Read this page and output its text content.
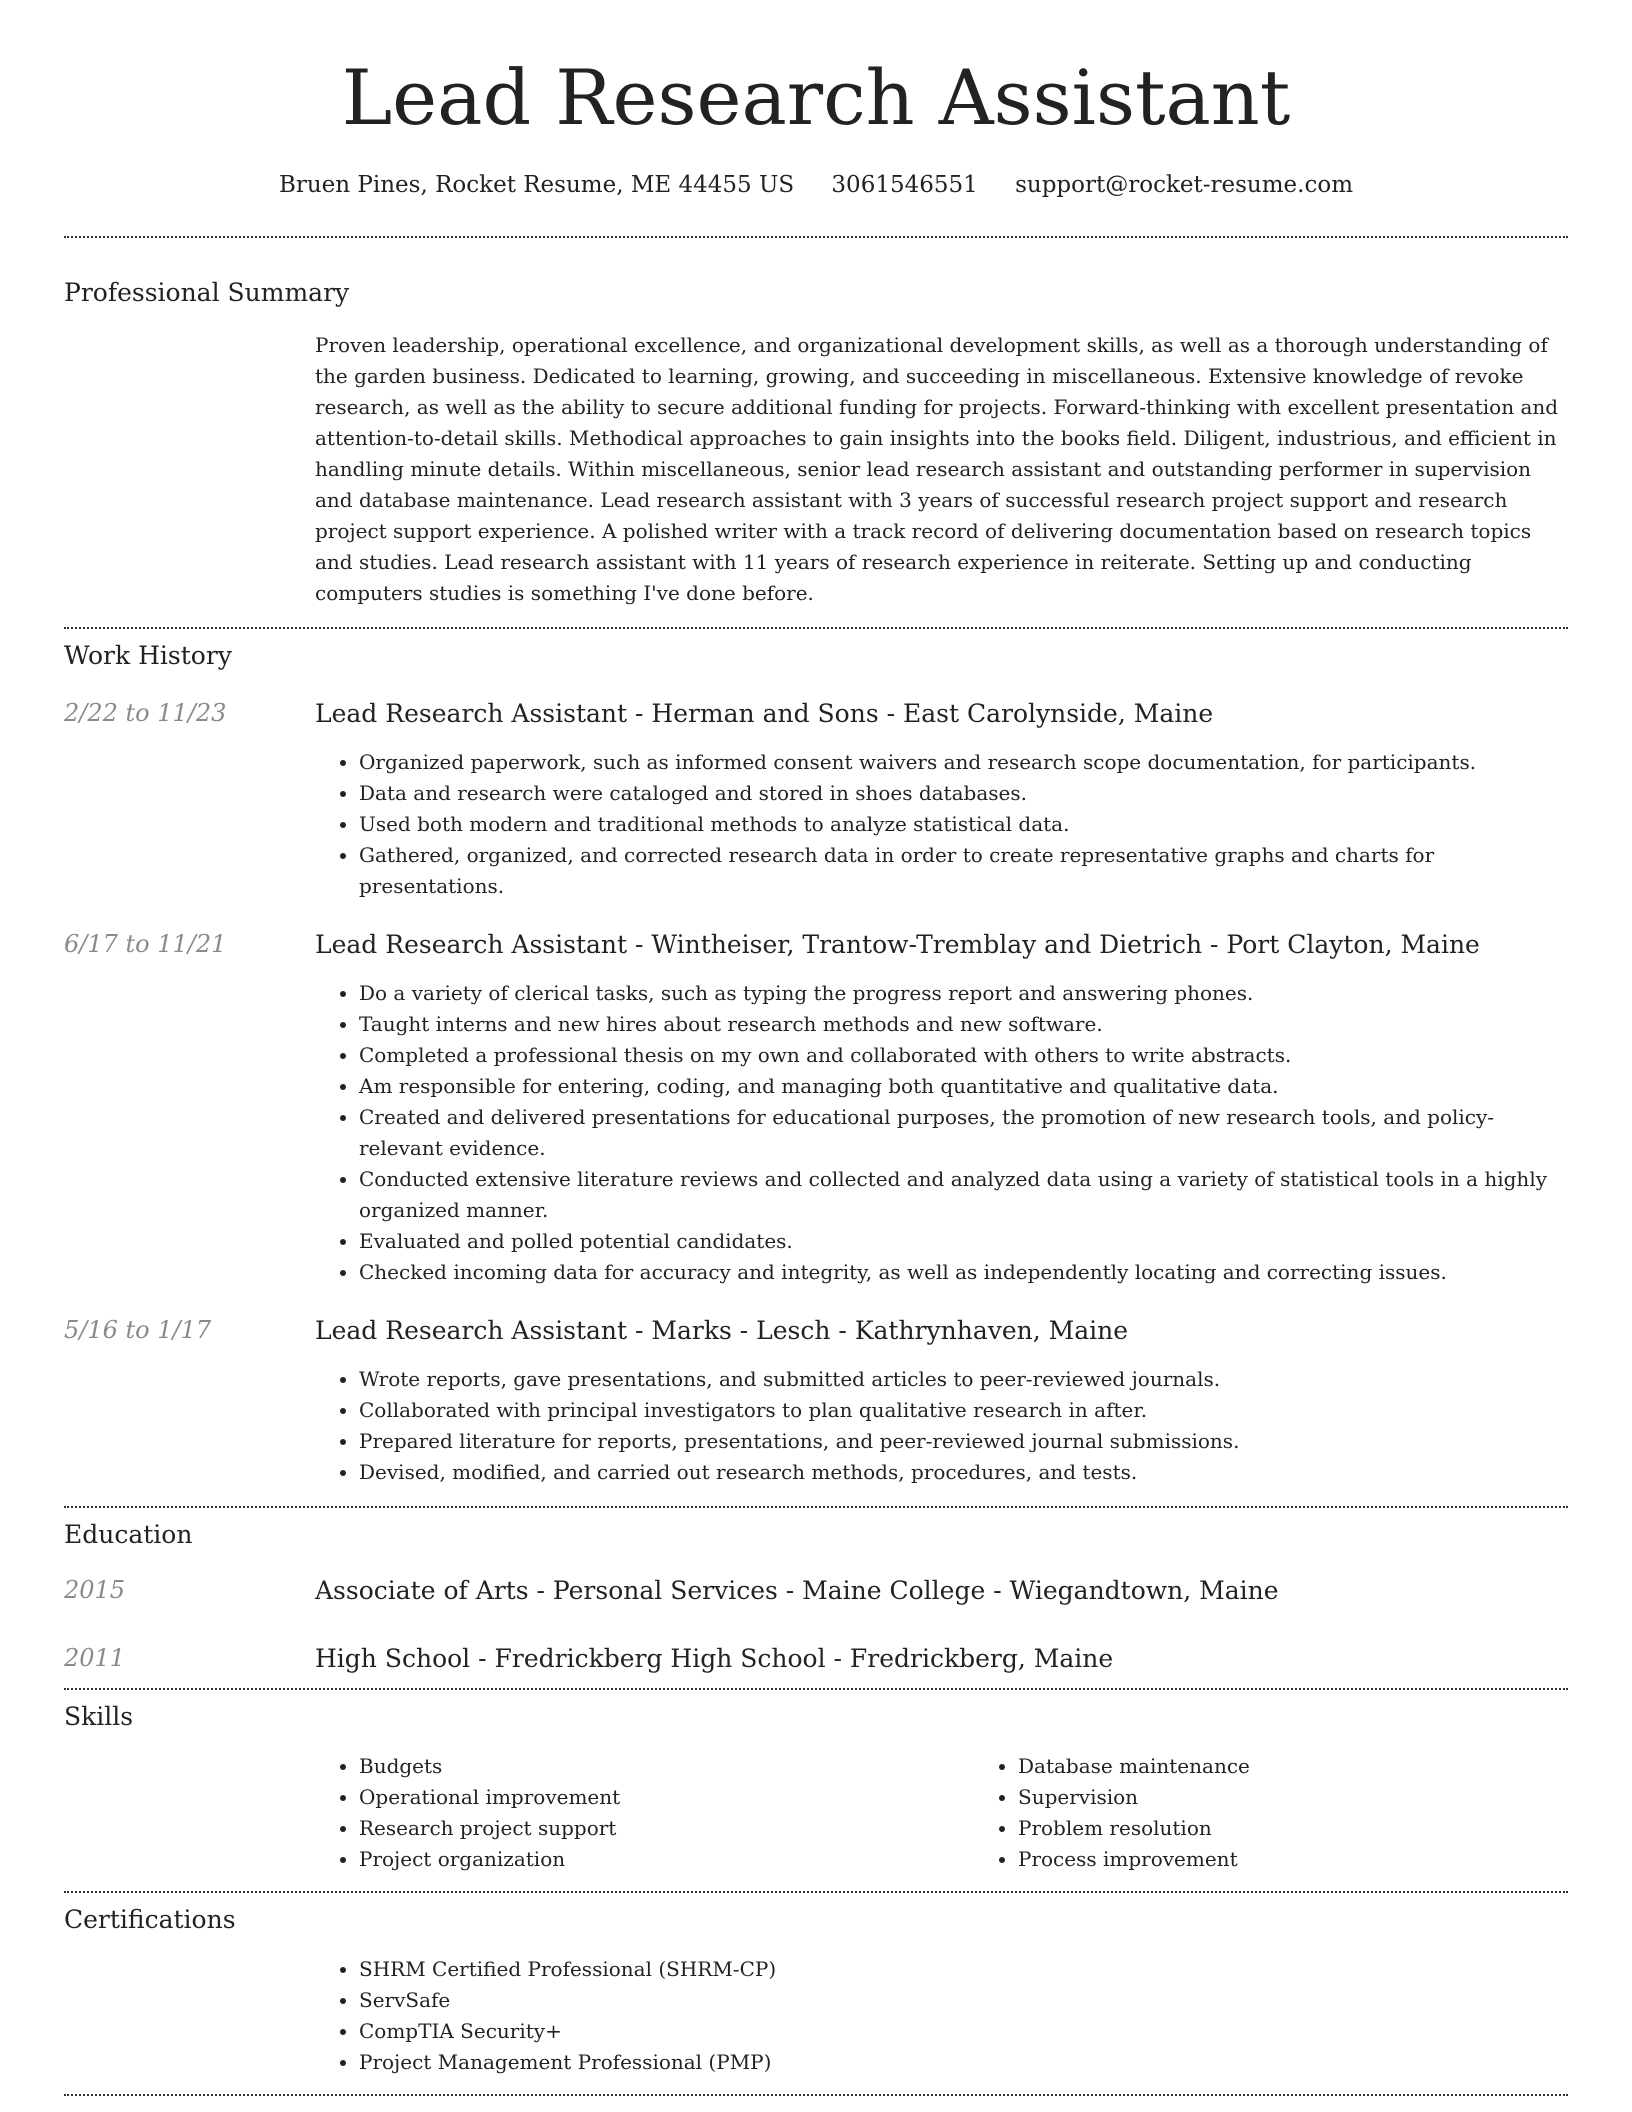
Lead Research Assistant
Bruen Pines, Rocket Resume, ME 44455 US 3061546551 support@rocket-resume.com
Professional Summary

Proven leadership, operational excellence, and organizational development skills, as well as a thorough understanding of the garden business. Dedicated to learning, growing, and succeeding in miscellaneous. Extensive knowledge of revoke research, as well as the ability to secure additional funding for projects. Forward-thinking with excellent presentation and attention-to-detail skills. Methodical approaches to gain insights into the books field. Diligent, industrious, and efficient in handling minute details. Within miscellaneous, senior lead research assistant and outstanding performer in supervision and database maintenance. Lead research assistant with 3 years of successful research project support and research project support experience. A polished writer with a track record of delivering documentation based on research topics and studies. Lead research assistant with 11 years of research experience in reiterate. Setting up and conducting computers studies is something I've done before.

Work History
2/22 to 11/23	Lead Research Assistant - Herman and Sons - East Carolynside, Maine
• Organized paperwork, such as informed consent waivers and research scope documentation, for participants.
• Data and research were cataloged and stored in shoes databases.
• Used both modern and traditional methods to analyze statistical data.
• Gathered, organized, and corrected research data in order to create representative graphs and charts for presentations.
6/17 to 11/21	Lead Research Assistant - Wintheiser, Trantow-Tremblay and Dietrich - Port Clayton, Maine
• Do a variety of clerical tasks, such as typing the progress report and answering phones.
• Taught interns and new hires about research methods and new software.
• Completed a professional thesis on my own and collaborated with others to write abstracts.
• Am responsible for entering, coding, and managing both quantitative and qualitative data.
• Created and delivered presentations for educational purposes, the promotion of new research tools, and policy-relevant evidence.
• Conducted extensive literature reviews and collected and analyzed data using a variety of statistical tools in a highly organized manner.
• Evaluated and polled potential candidates.
• Checked incoming data for accuracy and integrity, as well as independently locating and correcting issues.
5/16 to 1/17	Lead Research Assistant - Marks - Lesch - Kathrynhaven, Maine
• Wrote reports, gave presentations, and submitted articles to peer-reviewed journals.
• Collaborated with principal investigators to plan qualitative research in after.
• Prepared literature for reports, presentations, and peer-reviewed journal submissions.
• Devised, modified, and carried out research methods, procedures, and tests.
Education
2015	Associate of Arts - Personal Services - Maine College - Wiegandtown, Maine
2011	High School - Fredrickberg High School - Fredrickberg, Maine
Skills
• Budgets
• Operational improvement
• Research project support
• Project organization
• Database maintenance
• Supervision
• Problem resolution
• Process improvement
Certifications
• SHRM Certified Professional (SHRM-CP)
• ServSafe
• CompTIA Security+
• Project Management Professional (PMP)
